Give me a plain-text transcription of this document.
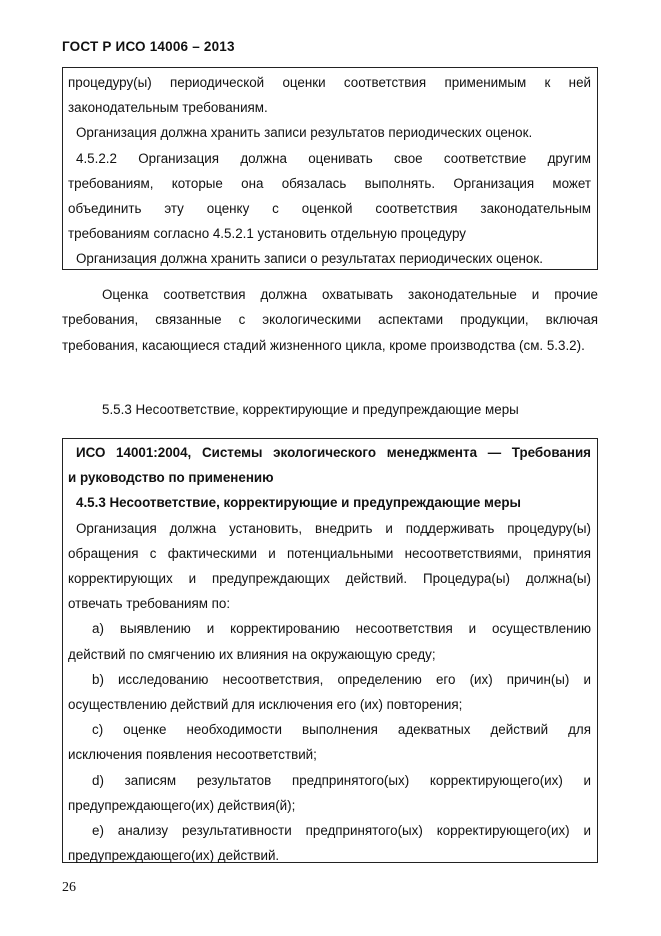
ГОСТ Р ИСО 14006 – 2013

процедуру(ы) периодической оценки соответствия применимым к ней

законодательным требованиям.

Организация должна хранить записи результатов периодических оценок.

4.5.2.2 Организация должна оценивать свое соответствие другим

требованиям, которые она обязалась выполнять. Организация может

объединить эту оценку с оценкой соответствия законодательным

требованиям согласно 4.5.2.1 установить отдельную процедуру

Организация должна хранить записи о результатах периодических оценок.

Оценка соответствия должна охватывать законодательные и прочие требования, связанные с экологическими аспектами продукции, включая требования, касающиеся стадий жизненного цикла, кроме производства (см. 5.3.2).

5.5.3 Несоответствие, корректирующие и предупреждающие меры

ИСО 14001:2004, Системы экологического менеджмента — Требования

и руководство по применению

4.5.3 Несоответствие, корректирующие и предупреждающие меры

Организация должна установить, внедрить и поддерживать процедуру(ы)

обращения с фактическими и потенциальными несоответствиями, принятия

корректирующих и предупреждающих действий. Процедура(ы) должна(ы)

отвечать требованиям по:

a) выявлению и корректированию несоответствия и осуществлению

действий по смягчению их влияния на окружающую среду;

b) исследованию несоответствия, определению его (их) причин(ы) и

осуществлению действий для исключения его (их) повторения;

c) оценке необходимости выполнения адекватных действий для

исключения появления несоответствий;

d) записям результатов предпринятого(ых) корректирующего(их) и

предупреждающего(их) действия(й);

e) анализу результативности предпринятого(ых) корректирующего(их) и

предупреждающего(их) действий.

26
